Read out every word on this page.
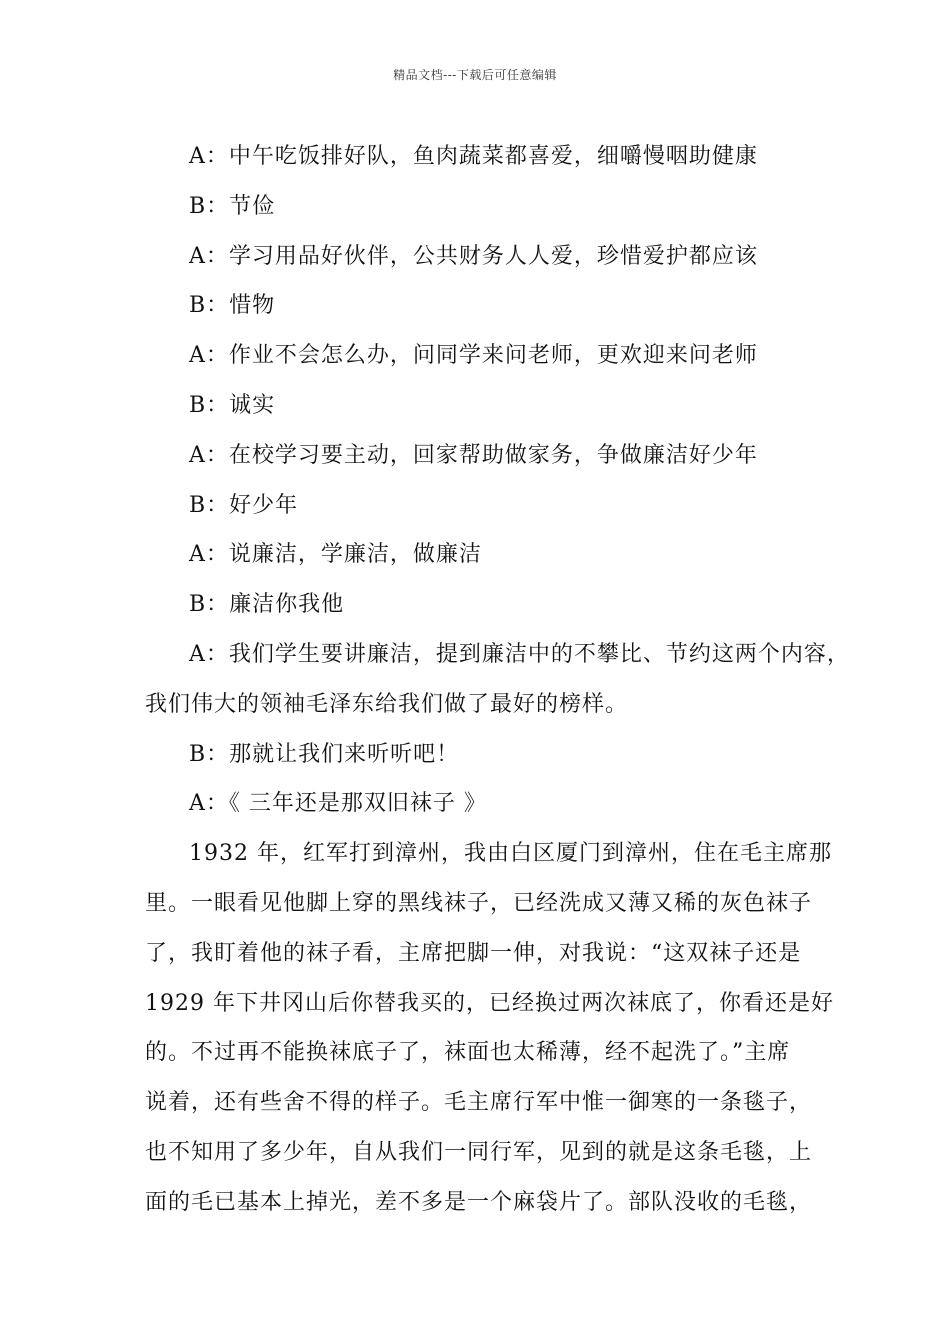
精品文档---下载后可任意编辑
A：中午吃饭排好队，鱼肉蔬菜都喜爱，细嚼慢咽助健康
B：节俭
A：学习用品好伙伴，公共财务人人爱，珍惜爱护都应该
B：惜物
A：作业不会怎么办，问同学来问老师，更欢迎来问老师
B：诚实
A：在校学习要主动，回家帮助做家务，争做廉洁好少年
B：好少年
A：说廉洁，学廉洁，做廉洁
B：廉洁你我他
A：我们学生要讲廉洁，提到廉洁中的不攀比、节约这两个内容，
我们伟大的领袖毛泽东给我们做了最好的榜样。
B：那就让我们来听听吧！
A：《 三年还是那双旧袜子 》
1932 年，红军打到漳州，我由白区厦门到漳州，住在毛主席那
里。一眼看见他脚上穿的黑线袜子，已经洗成又薄又稀的灰色袜子
了，我盯着他的袜子看，主席把脚一伸，对我说：“这双袜子还是
1929 年下井冈山后你替我买的，已经换过两次袜底了，你看还是好
的。不过再不能换袜底子了，袜面也太稀薄，经不起洗了。”主席
说着，还有些舍不得的样子。毛主席行军中惟一御寒的一条毯子，
也不知用了多少年，自从我们一同行军，见到的就是这条毛毯，上
面的毛已基本上掉光，差不多是一个麻袋片了。部队没收的毛毯，
